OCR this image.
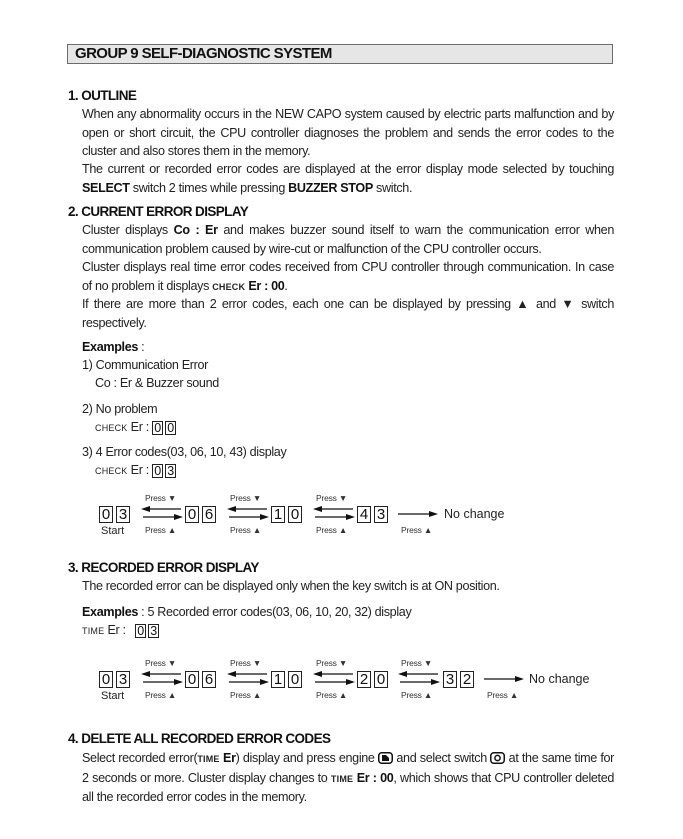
GROUP 9 SELF-DIAGNOSTIC SYSTEM
1. OUTLINE
When any abnormality occurs in the NEW CAPO system caused by electric parts malfunction and by open or short circuit, the CPU controller diagnoses the problem and sends the error codes to the cluster and also stores them in the memory.
The current or recorded error codes are displayed at the error display mode selected by touching SELECT switch 2 times while pressing BUZZER STOP switch.
2. CURRENT ERROR DISPLAY
Cluster displays Co : Er and makes buzzer sound itself to warn the communication error when communication problem caused by wire-cut or malfunction of the CPU controller occurs.
Cluster displays real time error codes received from CPU controller through communication. In case of no problem it displays CHECK Er : 00.
If there are more than 2 error codes, each one can be displayed by pressing ▲ and ▼ switch respectively.
Examples :
1) Communication Error
Co : Er & Buzzer sound
2) No problem
CHECK Er : 0 0
3) 4 Error codes(03, 06, 10, 43) display
CHECK Er : 0 3
0 3
Start
Press ▼
Press ▲
0 6
Press ▼
Press ▲
1 0
Press ▼
Press ▲
4 3
Press ▲
No change
3. RECORDED ERROR DISPLAY
The recorded error can be displayed only when the key switch is at ON position.
Examples : 5 Recorded error codes(03, 06, 10, 20, 32) display
TIME Er : 0 3
0 3
Start
Press ▼
Press ▲
0 6
Press ▼
Press ▲
1 0
Press ▼
Press ▲
2 0
Press ▼
Press ▲
3 2
Press ▲
No change
4. DELETE ALL RECORDED ERROR CODES
Select recorded error(TIME Er) display and press engine  and select switch  at the same time for 2 seconds or more. Cluster display changes to TIME Er : 00, which shows that CPU controller deleted all the recorded error codes in the memory.
